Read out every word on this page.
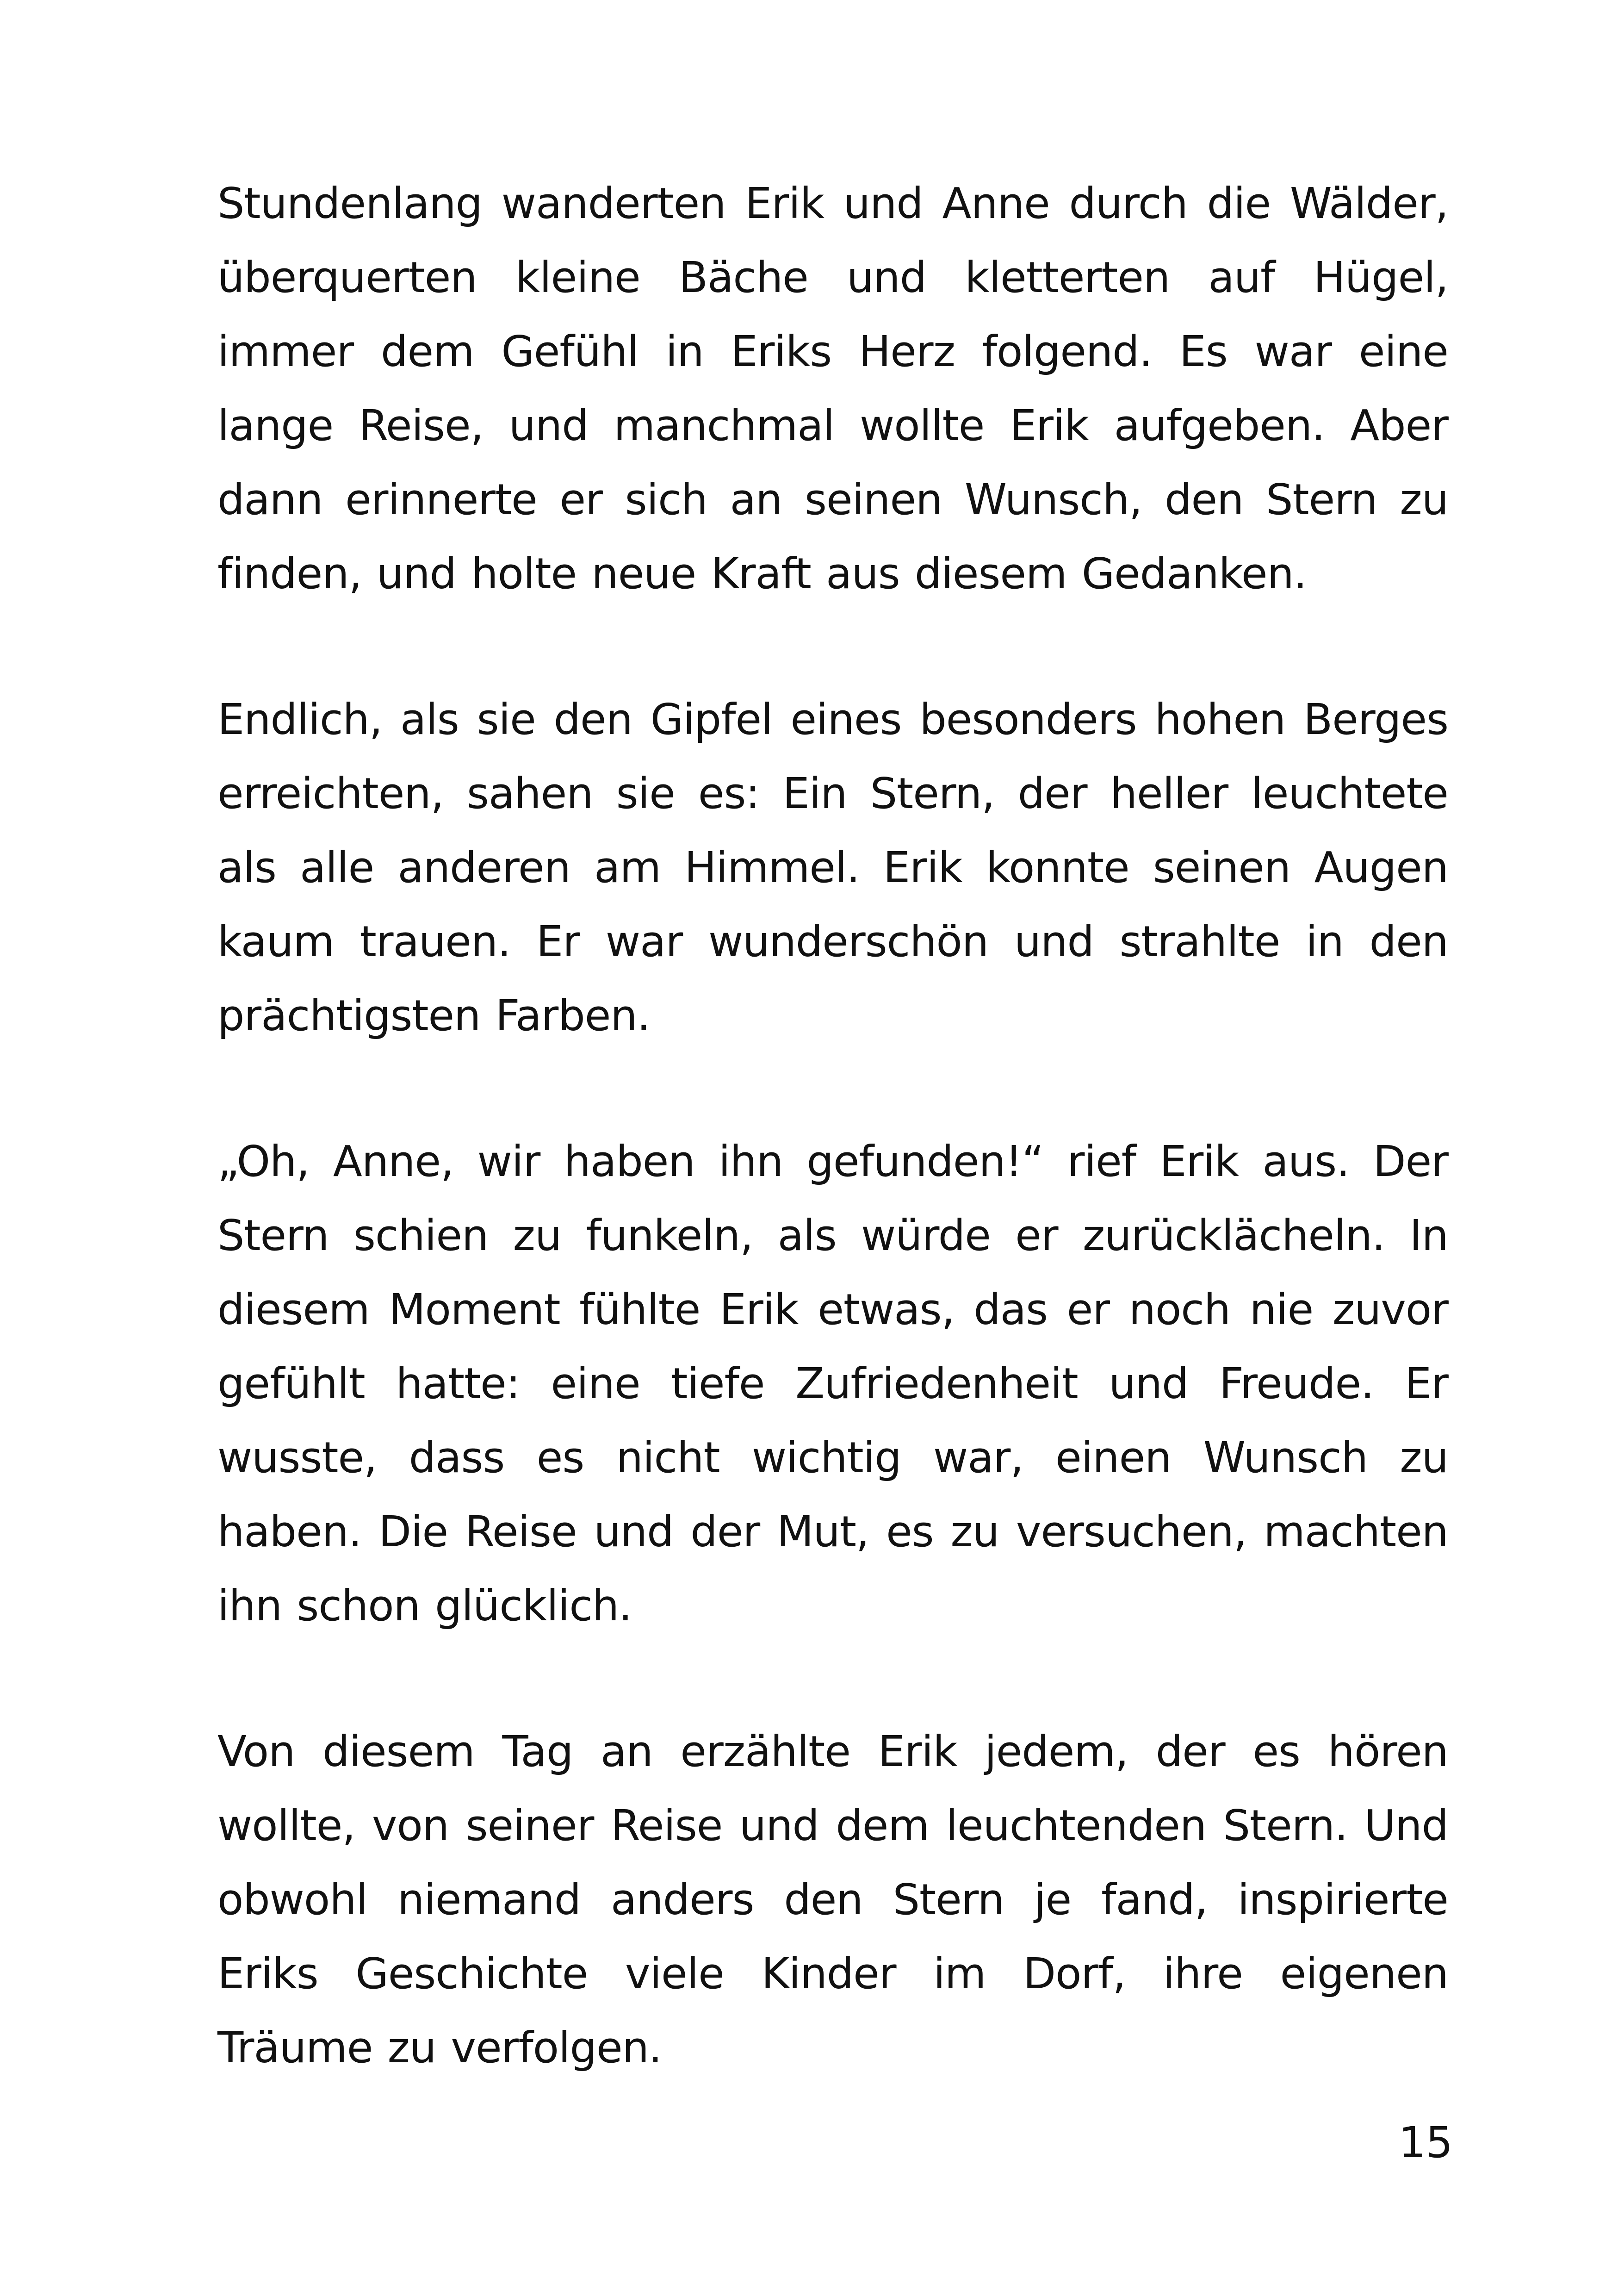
Stundenlang wanderten Erik und Anne durch die Wälder, überquerten kleine Bäche und kletterten auf Hügel, immer dem Gefühl in Eriks Herz folgend. Es war eine lange Reise, und manchmal wollte Erik aufgeben. Aber dann erinnerte er sich an seinen Wunsch, den Stern zu finden, und holte neue Kraft aus diesem Gedanken.

Endlich, als sie den Gipfel eines besonders hohen Berges erreichten, sahen sie es: Ein Stern, der heller leuchtete als alle anderen am Himmel. Erik konnte seinen Augen kaum trauen. Er war wunderschön und strahlte in den prächtigsten Farben.

„Oh, Anne, wir haben ihn gefunden!“ rief Erik aus. Der Stern schien zu funkeln, als würde er zurücklächeln. In diesem Moment fühlte Erik etwas, das er noch nie zuvor gefühlt hatte: eine tiefe Zufriedenheit und Freude. Er wusste, dass es nicht wichtig war, einen Wunsch zu haben. Die Reise und der Mut, es zu versuchen, machten ihn schon glücklich.

Von diesem Tag an erzählte Erik jedem, der es hören wollte, von seiner Reise und dem leuchtenden Stern. Und obwohl niemand anders den Stern je fand, inspirierte Eriks Geschichte viele Kinder im Dorf, ihre eigenen Träume zu verfolgen.

15
